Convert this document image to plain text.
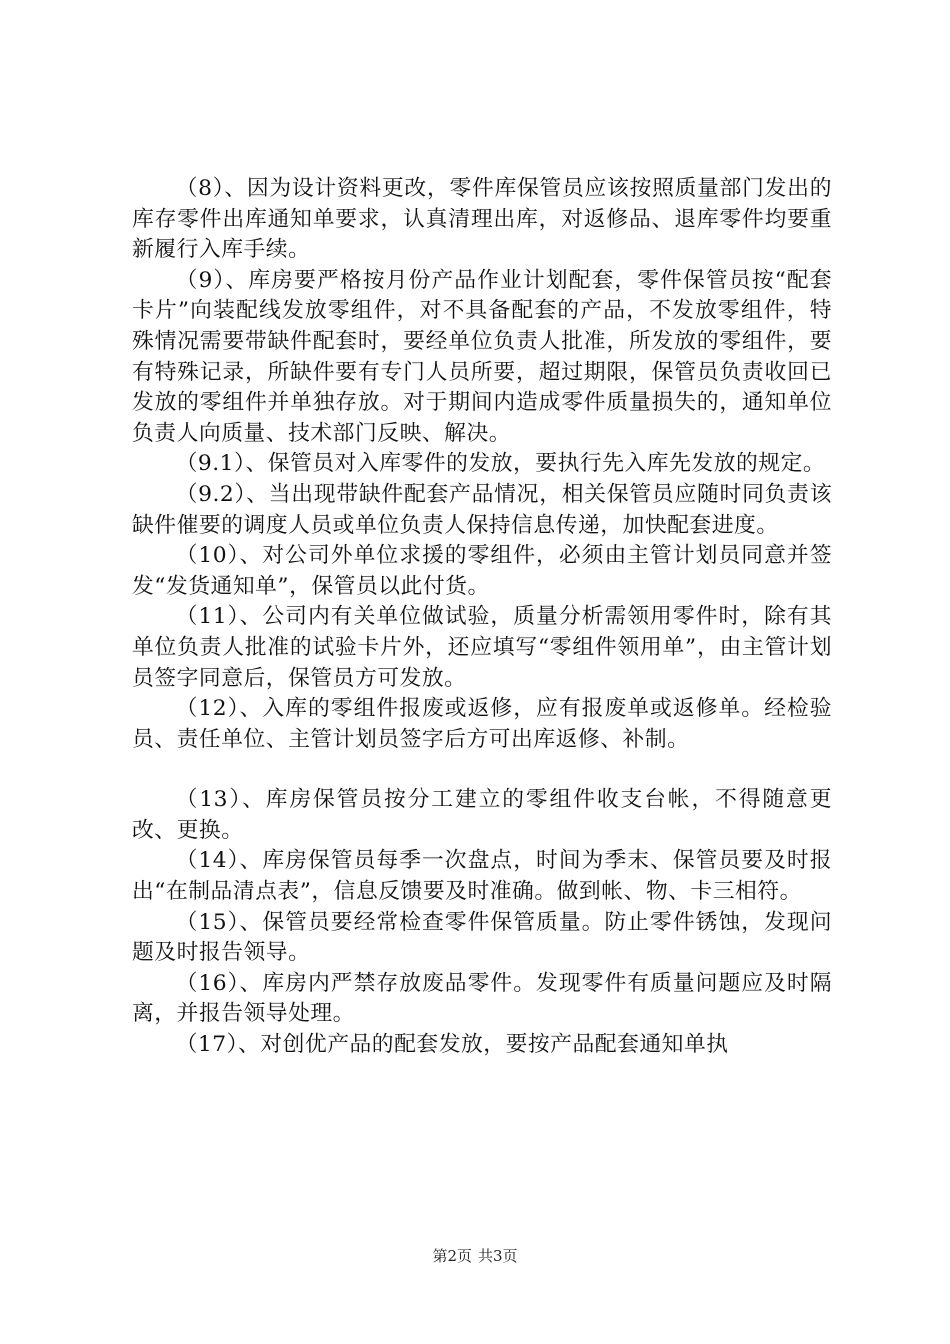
（8）、因为设计资料更改，零件库保管员应该按照质量部门发出的库存零件出库通知单要求，认真清理出库，对返修品、退库零件均要重新履行入库手续。

（9）、库房要严格按月份产品作业计划配套，零件保管员按“配套卡片”向装配线发放零组件，对不具备配套的产品，不发放零组件，特殊情况需要带缺件配套时，要经单位负责人批准，所发放的零组件，要有特殊记录，所缺件要有专门人员所要，超过期限，保管员负责收回已发放的零组件并单独存放。对于期间内造成零件质量损失的，通知单位负责人向质量、技术部门反映、解决。

（9.1）、保管员对入库零件的发放，要执行先入库先发放的规定。

（9.2）、当出现带缺件配套产品情况，相关保管员应随时同负责该缺件催要的调度人员或单位负责人保持信息传递，加快配套进度。

（10）、对公司外单位求援的零组件，必须由主管计划员同意并签发“发货通知单”，保管员以此付货。

（11）、公司内有关单位做试验，质量分析需领用零件时，除有其单位负责人批准的试验卡片外，还应填写“零组件领用单”，由主管计划员签字同意后，保管员方可发放。

（12）、入库的零组件报废或返修，应有报废单或返修单。经检验员、责任单位、主管计划员签字后方可出库返修、补制。

（13）、库房保管员按分工建立的零组件收支台帐，不得随意更改、更换。

（14）、库房保管员每季一次盘点，时间为季末、保管员要及时报出“在制品清点表”，信息反馈要及时准确。做到帐、物、卡三相符。

（15）、保管员要经常检查零件保管质量。防止零件锈蚀，发现问题及时报告领导。

（16）、库房内严禁存放废品零件。发现零件有质量问题应及时隔离，并报告领导处理。

（17）、对创优产品的配套发放，要按产品配套通知单执

第2页 共3页
